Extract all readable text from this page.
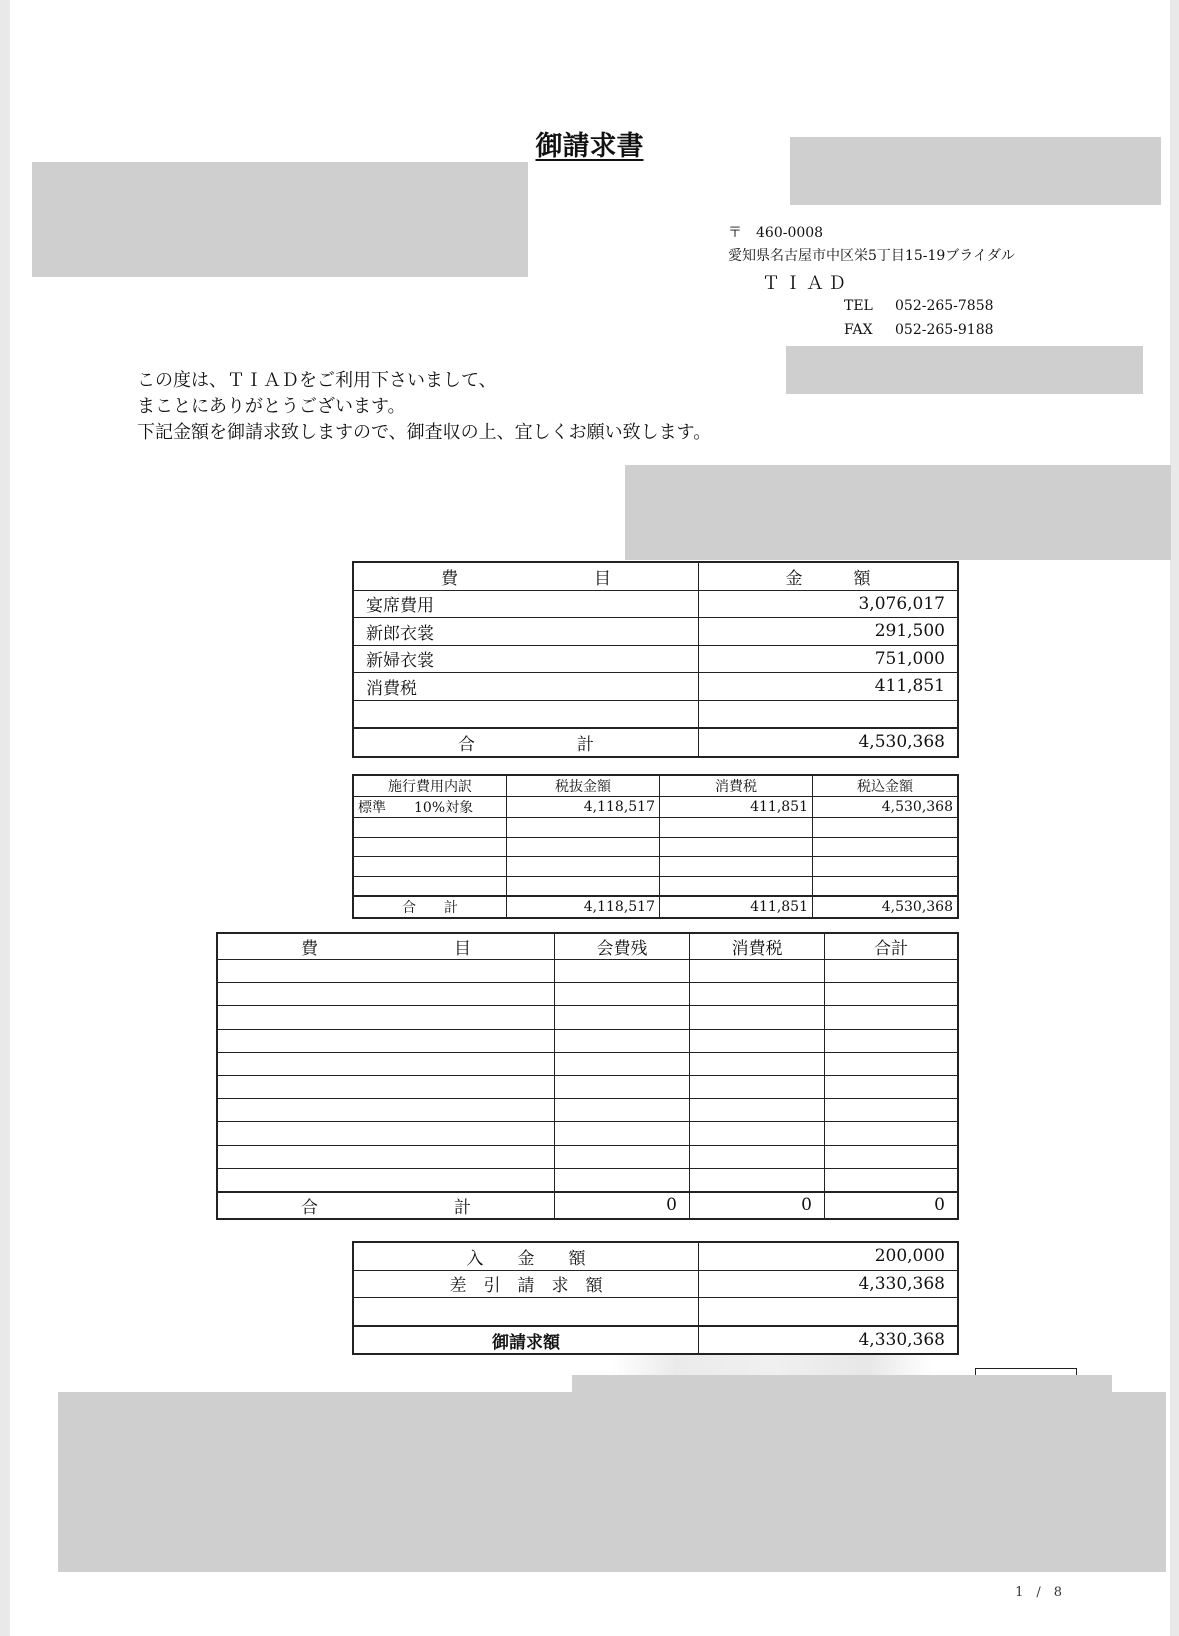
御請求書
〒　460-0008
愛知県名古屋市中区栄5丁目15-19ブライダル
ＴＩＡＤ
TEL 052-265-7858
FAX 052-265-9188
この度は、ＴＩＡＤをご利用下さいまして、
まことにありがとうございます。
下記金額を御請求致しますので、御査収の上、宜しくお願い致します。
費　　　　　　　　目	金　　　額
宴席費用	3,076,017
新郎衣裳	291,500
新婦衣裳	751,000
消費税	411,851

合　　　　　　計	4,530,368
施行費用内訳	税抜金額	消費税	税込金額
標準　　10%対象	4,118,517	411,851	4,530,368

合　　計	4,118,517	411,851	4,530,368
費　　　　　　　　目	会費残	消費税	合計

合　　　　　　　　計	0	0	0
入　　金　　額	200,000
差　引　請　求　額	4,330,368

御請求額	4,330,368
1　/　8
